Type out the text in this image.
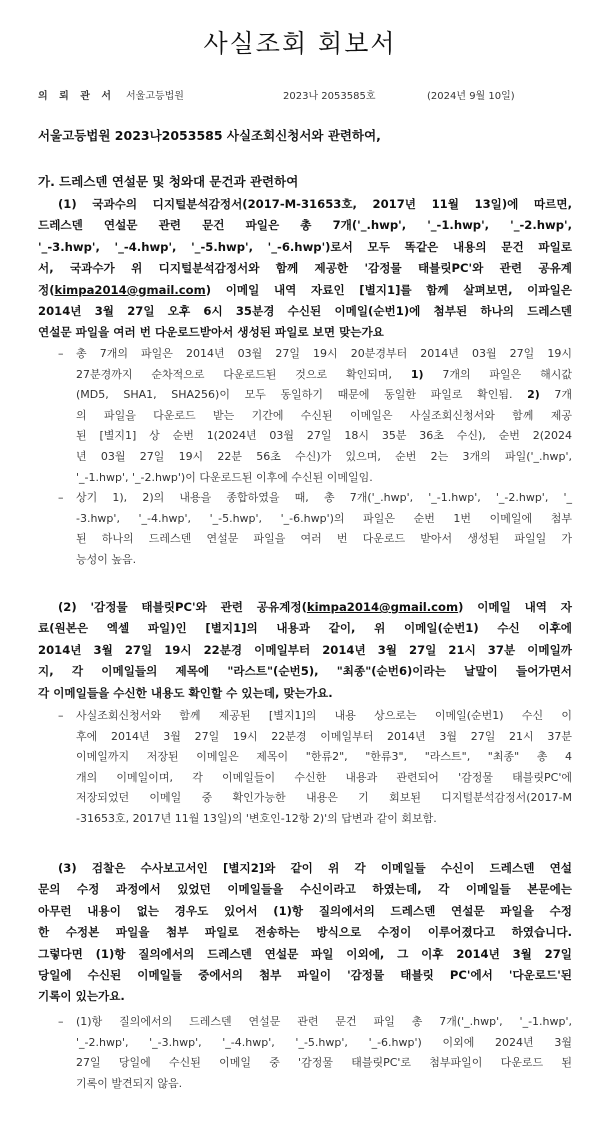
사실조회 회보서
의 뢰 관 서 서울고등법원	2023나 2053585호	(2024년 9월 10일)
서울고등법원 2023나2053585 사실조회신청서와 관련하여,
가. 드레스덴 연설문 및 청와대 문건과 관련하여
(1) 국과수의 디지털분석감정서(2017-M-31653호, 2017년 11월 13일)에 따르면,
드레스덴 연설문 관련 문건 파일은 총 7개('_.hwp', '_-1.hwp', '_-2.hwp',
'_-3.hwp', '_-4.hwp', '_-5.hwp', '_-6.hwp')로서 모두 똑같은 내용의 문건 파일로
서, 국과수가 위 디지털분석감정서와 함께 제공한 '감정물 태블릿PC'와 관련 공유계
정(kimpa2014@gmail.com) 이메일 내역 자료인 [별지1]를 함께 살펴보면, 이파일은
2014년 3월 27일 오후 6시 35분경 수신된 이메일(순번1)에 첨부된 하나의 드레스덴
연설문 파일을 여러 번 다운로드받아서 생성된 파일로 보면 맞는가요
– 총 7개의 파일은 2014년 03월 27일 19시 20분경부터 2014년 03월 27일 19시
27분경까지 순차적으로 다운로드된 것으로 확인되며, 1) 7개의 파일은 해시값
(MD5, SHA1, SHA256)이 모두 동일하기 때문에 동일한 파일로 확인됨. 2) 7개
의 파일을 다운로드 받는 기간에 수신된 이메일은 사실조회신청서와 함께 제공
된 [별지1] 상 순번 1(2024년 03월 27일 18시 35분 36초 수신), 순번 2(2024
년 03월 27일 19시 22분 56초 수신)가 있으며, 순번 2는 3개의 파일('_.hwp',
'_-1.hwp', '_-2.hwp')이 다운로드된 이후에 수신된 이메일임.
– 상기 1), 2)의 내용을 종합하였을 때, 총 7개('_.hwp', '_-1.hwp', '_-2.hwp', '_
-3.hwp', '_-4.hwp', '_-5.hwp', '_-6.hwp')의 파일은 순번 1번 이메일에 첨부
된 하나의 드레스덴 연설문 파일을 여러 번 다운로드 받아서 생성된 파일일 가
능성이 높음.
(2) '감정물 태블릿PC'와 관련 공유계정(kimpa2014@gmail.com) 이메일 내역 자
료(원본은 엑셀 파일)인 [별지1]의 내용과 같이, 위 이메일(순번1) 수신 이후에
2014년 3월 27일 19시 22분경 이메일부터 2014년 3월 27일 21시 37분 이메일까
지, 각 이메일들의 제목에 "라스트"(순번5), "최종"(순번6)이라는 날말이 들어가면서
각 이메일들을 수신한 내용도 확인할 수 있는데, 맞는가요.
– 사실조회신청서와 함께 제공된 [별지1]의 내용 상으로는 이메일(순번1) 수신 이
후에 2014년 3월 27일 19시 22분경 이메일부터 2014년 3월 27일 21시 37분
이메일까지 저장된 이메일은 제목이 "한류2", "한류3", "라스트", "최종" 총 4
개의 이메일이며, 각 이메일들이 수신한 내용과 관련되어 '감정물 태블릿PC'에
저장되었던 이메일 중 확인가능한 내용은 기 회보된 디지털분석감정서(2017-M
-31653호, 2017년 11월 13일)의 '변호인-12항 2)'의 답변과 같이 회보함.
(3) 검찰은 수사보고서인 [별지2]와 같이 위 각 이메일들 수신이 드레스덴 연설
문의 수정 과정에서 있었던 이메일들을 수신이라고 하였는데, 각 이메일들 본문에는
아무런 내용이 없는 경우도 있어서 (1)항 질의에서의 드레스덴 연설문 파일을 수정
한 수정본 파일을 첨부 파일로 전송하는 방식으로 수정이 이루어졌다고 하였습니다.
그렇다면 (1)항 질의에서의 드레스덴 연설문 파일 이외에, 그 이후 2014년 3월 27일
당일에 수신된 이메일들 중에서의 첨부 파일이 '감정물 태블릿 PC'에서 '다운로드'된
기록이 있는가요.
– (1)항 질의에서의 드레스덴 연설문 관련 문건 파일 총 7개('_.hwp', '_-1.hwp',
'_-2.hwp', '_-3.hwp', '_-4.hwp', '_-5.hwp', '_-6.hwp') 이외에 2024년 3월
27일 당일에 수신된 이메일 중 '감정물 태블릿PC'로 첨부파일이 다운로드 된
기록이 발견되지 않음.
